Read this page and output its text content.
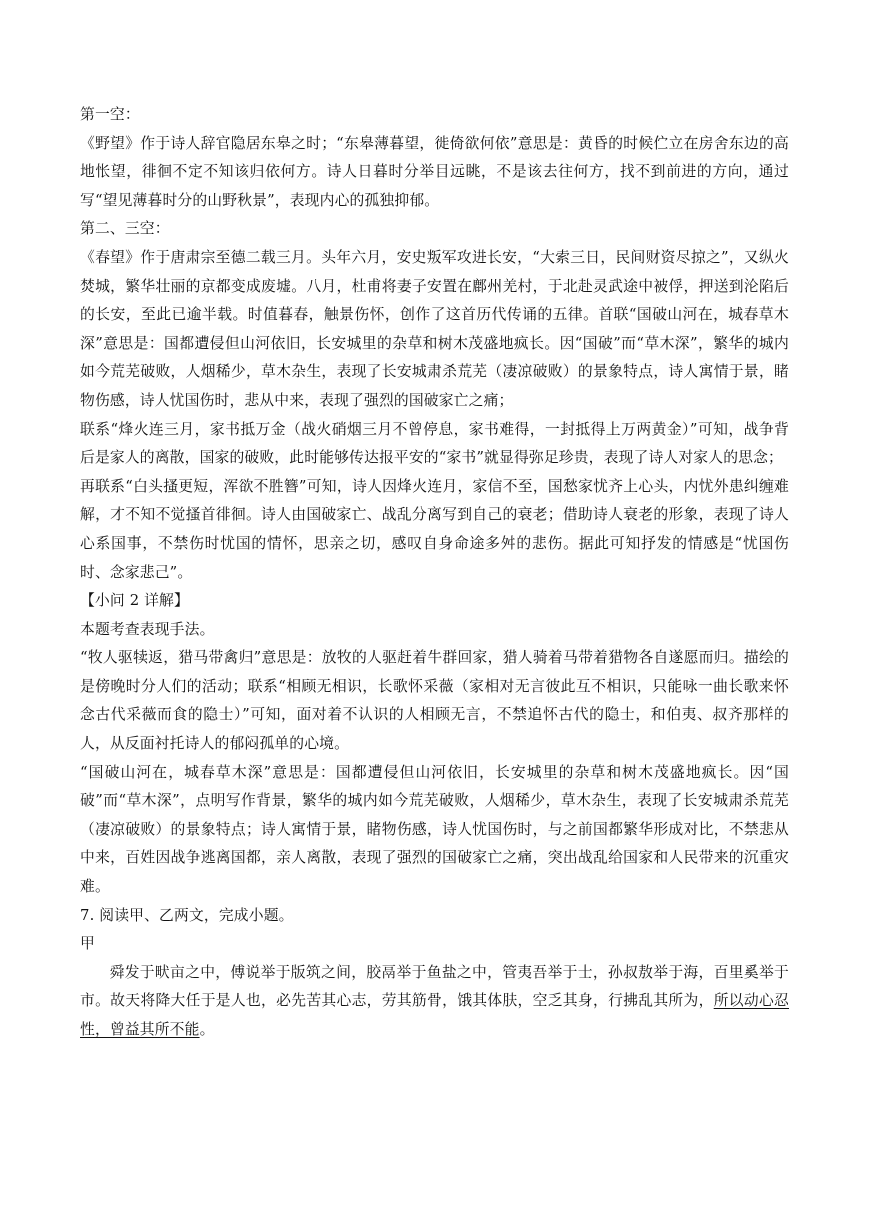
第一空：

《野望》作于诗人辞官隐居东皋之时；“东皋薄暮望，徙倚欲何依”意思是：黄昏的时候伫立在房舍东边的高地怅望，徘徊不定不知该归依何方。诗人日暮时分举目远眺，不是该去往何方，找不到前进的方向，通过写“望见薄暮时分的山野秋景”，表现内心的孤独抑郁。

第二、三空：

《春望》作于唐肃宗至德二载三月。头年六月，安史叛军攻进长安，“大索三日，民间财资尽掠之”，又纵火焚城，繁华壮丽的京都变成废墟。八月，杜甫将妻子安置在鄜州羌村，于北赴灵武途中被俘，押送到沦陷后的长安，至此已逾半载。时值暮春，触景伤怀，创作了这首历代传诵的五律。首联“国破山河在，城春草木深”意思是：国都遭侵但山河依旧，长安城里的杂草和树木茂盛地疯长。因“国破”而“草木深”，繁华的城内如今荒芜破败，人烟稀少，草木杂生，表现了长安城肃杀荒芜（凄凉破败）的景象特点，诗人寓情于景，睹物伤感，诗人忧国伤时，悲从中来，表现了强烈的国破家亡之痛；

联系“烽火连三月，家书抵万金（战火硝烟三月不曾停息，家书难得，一封抵得上万两黄金）”可知，战争背后是家人的离散，国家的破败，此时能够传达报平安的“家书”就显得弥足珍贵，表现了诗人对家人的思念；

再联系“白头搔更短，浑欲不胜簪”可知，诗人因烽火连月，家信不至，国愁家忧齐上心头，内忧外患纠缠难解，才不知不觉搔首徘徊。诗人由国破家亡、战乱分离写到自己的衰老；借助诗人衰老的形象，表现了诗人心系国事，不禁伤时忧国的情怀，思亲之切，感叹自身命途多舛的悲伤。据此可知抒发的情感是“忧国伤时、念家悲己”。

【小问 2 详解】

本题考查表现手法。

“牧人驱犊返，猎马带禽归”意思是：放牧的人驱赶着牛群回家，猎人骑着马带着猎物各自遂愿而归。描绘的是傍晚时分人们的活动；联系“相顾无相识，长歌怀采薇（家相对无言彼此互不相识，只能咏一曲长歌来怀念古代采薇而食的隐士）”可知，面对着不认识的人相顾无言，不禁追怀古代的隐士，和伯夷、叔齐那样的人，从反面衬托诗人的郁闷孤单的心境。

“国破山河在，城春草木深”意思是：国都遭侵但山河依旧，长安城里的杂草和树木茂盛地疯长。因“国破”而“草木深”，点明写作背景，繁华的城内如今荒芜破败，人烟稀少，草木杂生，表现了长安城肃杀荒芜（凄凉破败）的景象特点；诗人寓情于景，睹物伤感，诗人忧国伤时，与之前国都繁华形成对比，不禁悲从中来，百姓因战争逃离国都，亲人离散，表现了强烈的国破家亡之痛，突出战乱给国家和人民带来的沉重灾难。

7. 阅读甲、乙两文，完成小题。

甲

舜发于畎亩之中，傅说举于版筑之间，胶鬲举于鱼盐之中，管夷吾举于士，孙叔敖举于海，百里奚举于市。故天将降大任于是人也，必先苦其心志，劳其筋骨，饿其体肤，空乏其身，行拂乱其所为，所以动心忍性，曾益其所不能。
